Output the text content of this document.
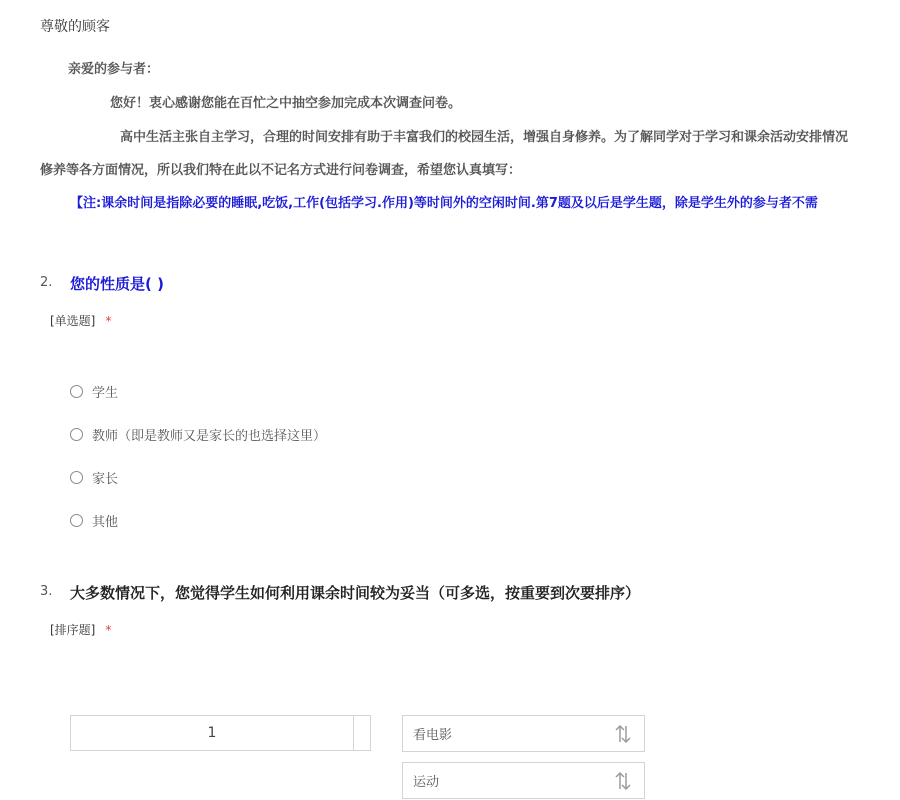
尊敬的顾客
亲爱的参与者：
您好！衷心感谢您能在百忙之中抽空参加完成本次调查问卷。
高中生活主张自主学习，合理的时间安排有助于丰富我们的校园生活，增强自身修养。为了解同学对于学习和课余活动安排情况
修养等各方面情况，所以我们特在此以不记名方式进行问卷调查，希望您认真填写：
【注:课余时间是指除必要的睡眠,吃饭,工作(包括学习.作用)等时间外的空闲时间.第7题及以后是学生题，除是学生外的参与者不需
2. 您的性质是( )
[单选题] *
学生
教师（即是教师又是家长的也选择这里）
家长
其他
3. 大多数情况下，您觉得学生如何利用课余时间较为妥当（可多选，按重要到次要排序）
[排序题] *
1	看电影
运动
